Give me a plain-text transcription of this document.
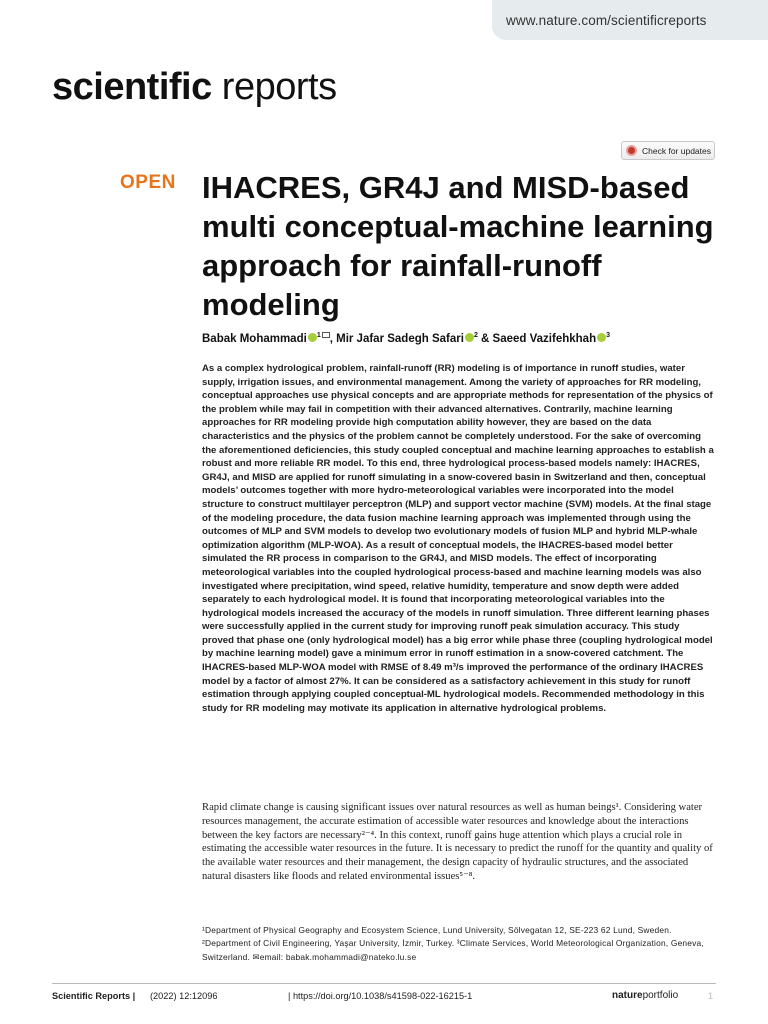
www.nature.com/scientificreports
scientific reports
Check for updates
OPEN IHACRES, GR4J and MISD-based multi conceptual-machine learning approach for rainfall-runoff modeling
Babak Mohammadi $^1$ , Mir Jafar Sadegh Safari $^2$ & Saeed Vazifehkhah $^3$

As a complex hydrological problem, rainfall-runoff (RR) modeling is of importance in runoff studies, water supply, irrigation issues, and environmental management. Among the variety of approaches for RR modeling, conceptual approaches use physical concepts and are appropriate methods for representation of the physics of the problem while may fail in competition with their advanced alternatives. Contrarily, machine learning approaches for RR modeling provide high computation ability however, they are based on the data characteristics and the physics of the problem cannot be completely understood. For the sake of overcoming the aforementioned deficiencies, this study coupled conceptual and machine learning approaches to establish a robust and more reliable RR model. To this end, three hydrological process-based models namely: IHACRES, GR4J, and MISD are applied for runoff simulating in a snow-covered basin in Switzerland and then, conceptual models’ outcomes together with more hydro-meteorological variables were incorporated into the model structure to construct multilayer perceptron (MLP) and support vector machine (SVM) models. At the final stage of the modeling procedure, the data fusion machine learning approach was implemented through using the outcomes of MLP and SVM models to develop two evolutionary models of fusion MLP and hybrid MLP-whale optimization algorithm (MLP-WOA). As a result of conceptual models, the IHACRES-based model better simulated the RR process in comparison to the GR4J, and MISD models. The effect of incorporating meteorological variables into the coupled hydrological process-based and machine learning models was also investigated where precipitation, wind speed, relative humidity, temperature and snow depth were added separately to each hydrological model. It is found that incorporating meteorological variables into the hydrological models increased the accuracy of the models in runoff simulation. Three different learning phases were successfully applied in the current study for improving runoff peak simulation accuracy. This study proved that phase one (only hydrological model) has a big error while phase three (coupling hydrological model by machine learning model) gave a minimum error in runoff estimation in a snow-covered catchment. The IHACRES-based MLP-WOA model with RMSE of 8.49 m³/s improved the performance of the ordinary IHACRES model by a factor of almost 27%. It can be considered as a satisfactory achievement in this study for runoff estimation through applying coupled conceptual-ML hydrological models. Recommended methodology in this study for RR modeling may motivate its application in alternative hydrological problems.

Rapid climate change is causing significant issues over natural resources as well as human beings¹. Considering water resources management, the accurate estimation of accessible water resources and knowledge about the interactions between the key factors are necessary²⁻⁴. In this context, runoff gains huge attention which plays a crucial role in estimating the accessible water resources in the future. It is necessary to predict the runoff for the quantity and quality of the available water resources and their management, the design capacity of hydraulic structures, and the associated natural disasters like floods and related environmental issues⁵⁻⁸.

¹Department of Physical Geography and Ecosystem Science, Lund University, Sölvegatan 12, SE-223 62 Lund, Sweden. ²Department of Civil Engineering, Yaşar University, İzmir, Turkey. ³Climate Services, World Meteorological Organization, Geneva, Switzerland. ✉email: babak.mohammadi@nateko.lu.se

Scientific Reports | (2022) 12:12096	| https://doi.org/10.1038/s41598-022-16215-1	natureportfolio	1
